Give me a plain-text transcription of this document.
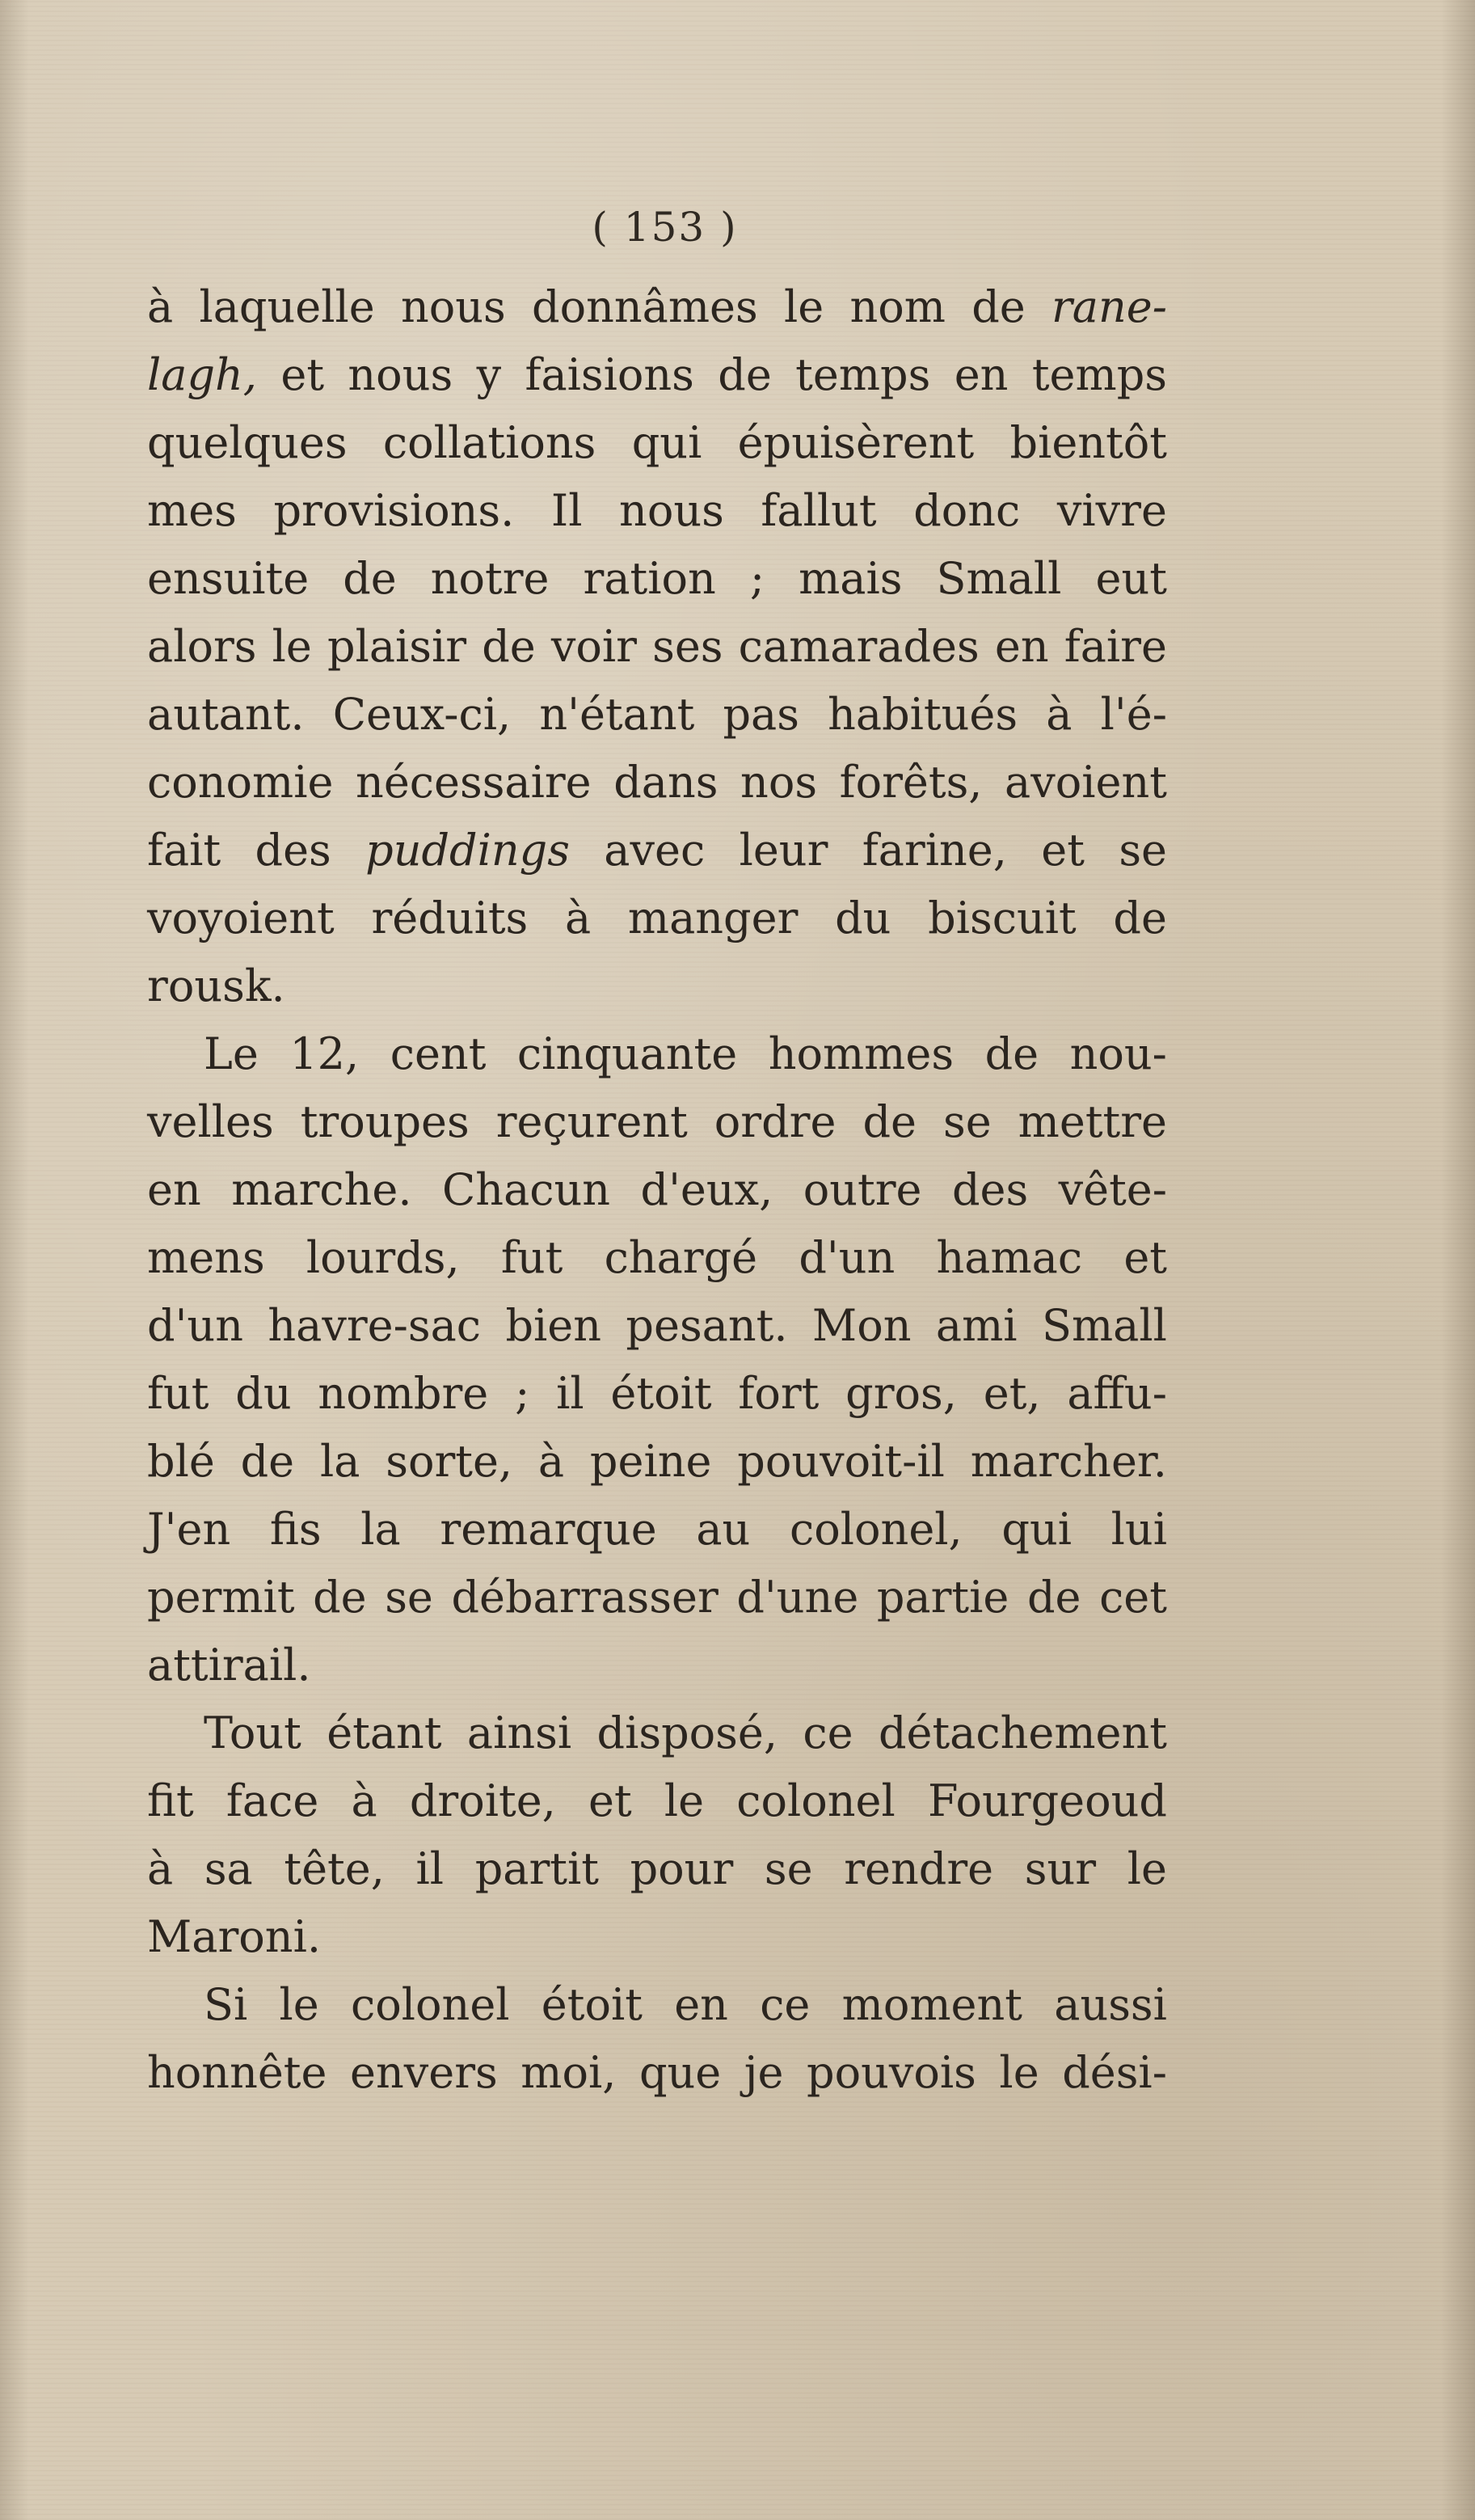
( 153 )
à laquelle nous donnâmes le nom de rane-
lagh, et nous y faisions de temps en temps
quelques collations qui épuisèrent bientôt
mes provisions. Il nous fallut donc vivre
ensuite de notre ration ; mais Small eut
alors le plaisir de voir ses camarades en faire
autant. Ceux-ci, n'étant pas habitués à l'é-
conomie nécessaire dans nos forêts, avoient
fait des puddings avec leur farine, et se
voyoient réduits à manger du biscuit de
rousk.
Le 12, cent cinquante hommes de nou-
velles troupes reçurent ordre de se mettre
en marche. Chacun d'eux, outre des vête-
mens lourds, fut chargé d'un hamac et
d'un havre-sac bien pesant. Mon ami Small
fut du nombre ; il étoit fort gros, et, affu-
blé de la sorte, à peine pouvoit-il marcher.
J'en fis la remarque au colonel, qui lui
permit de se débarrasser d'une partie de cet
attirail.
Tout étant ainsi disposé, ce détachement
fit face à droite, et le colonel Fourgeoud
à sa tête, il partit pour se rendre sur le
Maroni.
Si le colonel étoit en ce moment aussi
honnête envers moi, que je pouvois le dési-
